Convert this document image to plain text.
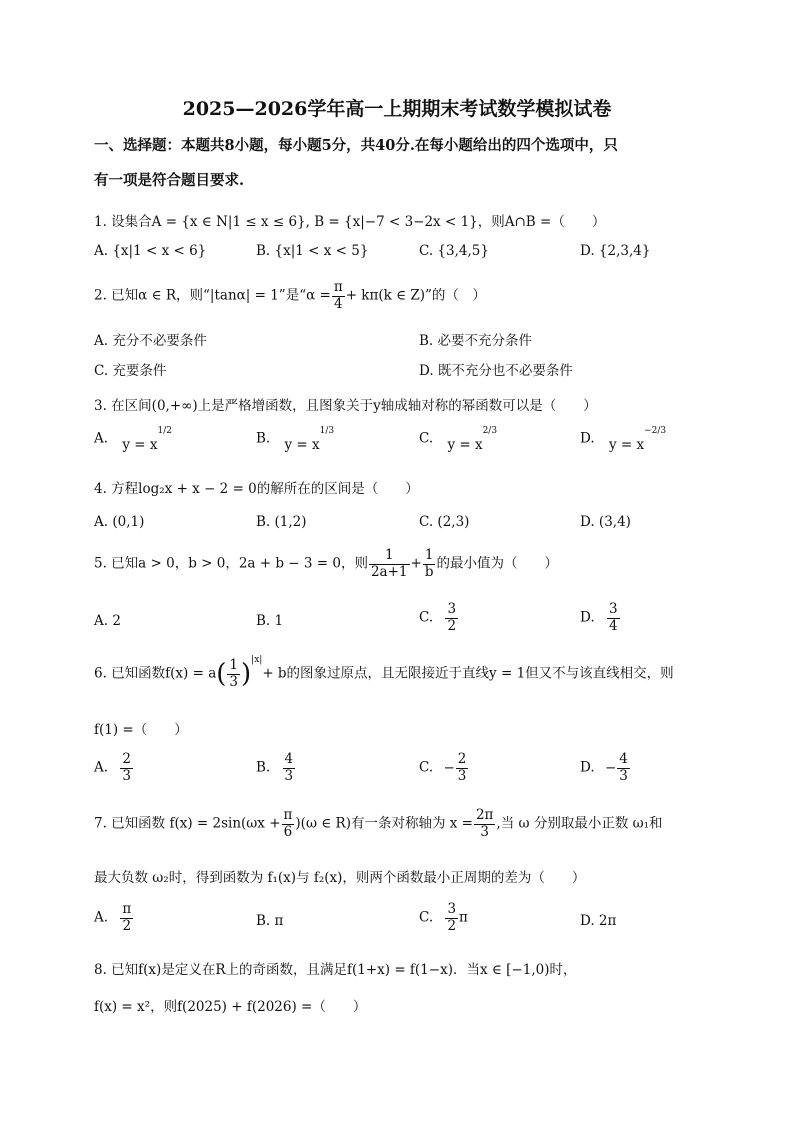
2025—2026学年高一上期期末考试数学模拟试卷
一、选择题：本题共8小题，每小题5分，共40分.在每小题给出的四个选项中，只
有一项是符合题目要求.
1. 设集合A = {x ∈ N|1 ≤ x ≤ 6}, B = {x|−7 < 3−2x < 1}，则A∩B =（　　）
A. {x|1 < x < 6}	B. {x|1 < x < 5}	C. {3,4,5}	D. {2,3,4}
2. 已知α ∈ R，则“|tanα| = 1”是“$\alpha = \frac{\pi}{4} + k\pi(k$ ∈ Z)”的（　）
A. 充分不必要条件	B. 必要不充分条件
C. 充要条件	D. 既不充分也不必要条件
3. 在区间(0,+∞)上是严格增函数，且图象关于y轴成轴对称的幂函数可以是（　　）
A. $y = x^{1/2}$	B. $y = x^{1/3}$	C. $y = x^{2/3}$	D. $y = x^{-2/3}$
4. 方程log₂x + x − 2 = 0的解所在的区间是（　　）
A. (0,1)	B. (1,2)	C. (2,3)	D. (3,4)
5. 已知a > 0，b > 0，2a + b − 3 = 0，则 $\frac{1}{2a+1} + \frac{1}{b}$ 的最小值为（　　）
A. 2	B. 1	C. $\frac{3}{2}$	D. $\frac{3}{4}$
6. 已知函数$f(x) = a( \frac{1}{3} )^{|x|}+ b$的图象过原点，且无限接近于直线y = 1但又不与该直线相交，则
f(1) =（　　）
A. $\frac{2}{3}$	B. $\frac{4}{3}$	C. − $\frac{2}{3}$	D. − $\frac{4}{3}$
7. 已知函数 $f(x) = 2\sin(\omega x + \frac{\pi}{6} )(\omega$ ∈ R)有一条对称轴为 $x = \frac{2\pi}{3}$ ,当 ω 分别取最小正数 ω₁和
最大负数 ω₂时，得到函数为 f₁(x)与 f₂(x)，则两个函数最小正周期的差为（　　）
A. $\frac{\pi}{2}$	B. π	C. $\frac{3}{2}$ π	D. 2π
8. 已知f(x)是定义在R上的奇函数，且满足f(1+x) = f(1−x)．当x ∈ [−1,0)时，
f(x) = x²，则f(2025) + f(2026) =（　　）
